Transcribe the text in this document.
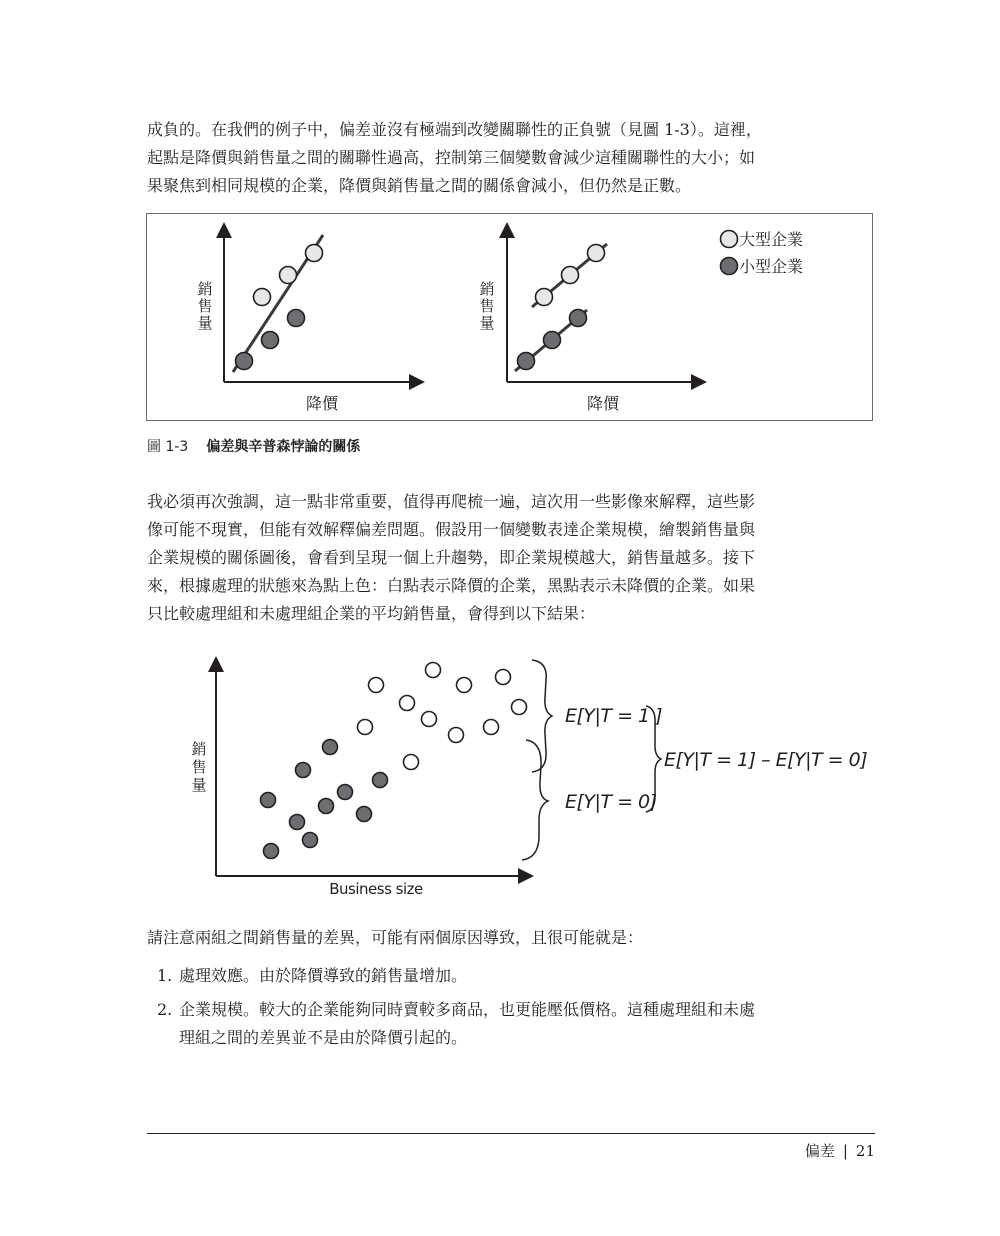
成負的。在我們的例子中，偏差並沒有極端到改變關聯性的正負號（見圖 1-3）。這裡，
起點是降價與銷售量之間的關聯性過高，控制第三個變數會減少這種關聯性的大小；如
果聚焦到相同規模的企業，降價與銷售量之間的關係會減小，但仍然是正數。
銷
售
量
降價
銷
售
量
降價
大型企業
小型企業
圖 1-3 偏差與辛普森悖論的關係
我必須再次強調，這一點非常重要，值得再爬梳一遍，這次用一些影像來解釋，這些影
像可能不現實，但能有效解釋偏差問題。假設用一個變數表達企業規模，繪製銷售量與
企業規模的關係圖後，會看到呈現一個上升趨勢，即企業規模越大，銷售量越多。接下
來，根據處理的狀態來為點上色：白點表示降價的企業，黑點表示未降價的企業。如果
只比較處理組和未處理組企業的平均銷售量，會得到以下結果：
銷
售
量
Business size
E[Y|T = 1 ]
E[Y|T = 0]
E[Y|T = 1] – E[Y|T = 0]
請注意兩組之間銷售量的差異，可能有兩個原因導致，且很可能就是：
1. 處理效應。由於降價導致的銷售量增加。
2. 企業規模。較大的企業能夠同時賣較多商品，也更能壓低價格。這種處理組和未處
理組之間的差異並不是由於降價引起的。
偏差 | 21
